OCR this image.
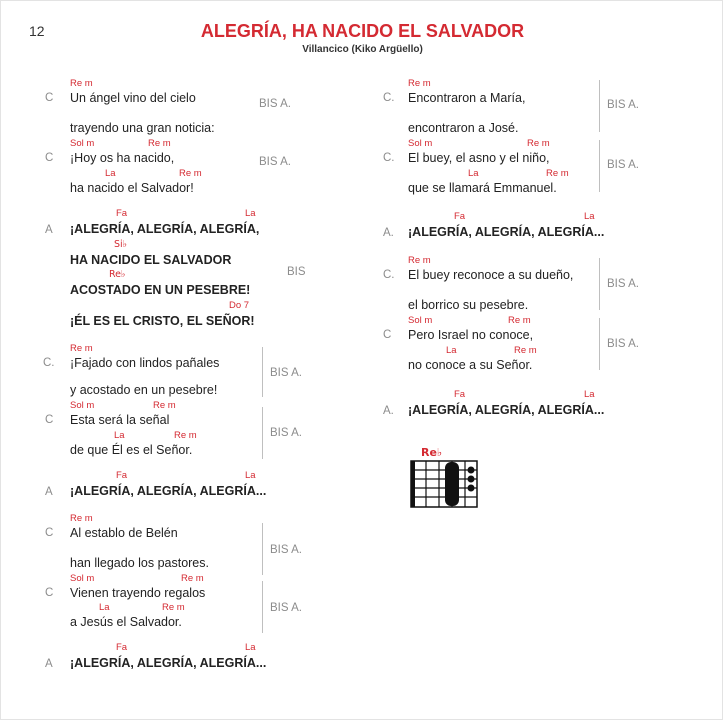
12	ALEGRÍA, HA NACIDO EL SALVADOR
Villancico (Kiko Argüello)
Re m
C Un ángel vino del cielo	BIS A.
trayendo una gran noticia:
Sol m	Re m
C ¡Hoy os ha nacido,	BIS A.
La	Re m
ha nacido el Salvador!
Fa	La
A ¡ALEGRÍA, ALEGRÍA, ALEGRÍA,
Si♭
HA NACIDO EL SALVADOR
BIS
Re♭
ACOSTADO EN UN PESEBRE!
Do 7
¡ÉL ES EL CRISTO, EL SEÑOR!
Re m
C. ¡Fajado con lindos pañales
BIS A.
y acostado en un pesebre!
Sol m	Re m
C Esta será la señal
BIS A.
La	Re m
de que Él es el Señor.
Fa	La
A ¡ALEGRÍA, ALEGRÍA, ALEGRÍA...
Re m
C Al establo de Belén
BIS A.
han llegado los pastores.
Sol m	Re m
C Vienen trayendo regalos
BIS A.
La	Re m
a Jesús el Salvador.
Fa	La
A ¡ALEGRÍA, ALEGRÍA, ALEGRÍA...
Re m
C. Encontraron a María,	BIS A.
encontraron a José.
Sol m	Re m
C. El buey, el asno y el niño,	BIS A.
La	Re m
que se llamará Emmanuel.
Fa	La
A. ¡ALEGRÍA, ALEGRÍA, ALEGRÍA...
Re m
C. El buey reconoce a su dueño,
BIS A.
el borrico su pesebre.
Sol m	Re m
C Pero Israel no conoce,
BIS A.
La	Re m
no conoce a su Señor.
Fa	La
A. ¡ALEGRÍA, ALEGRÍA, ALEGRÍA...
Re♭
